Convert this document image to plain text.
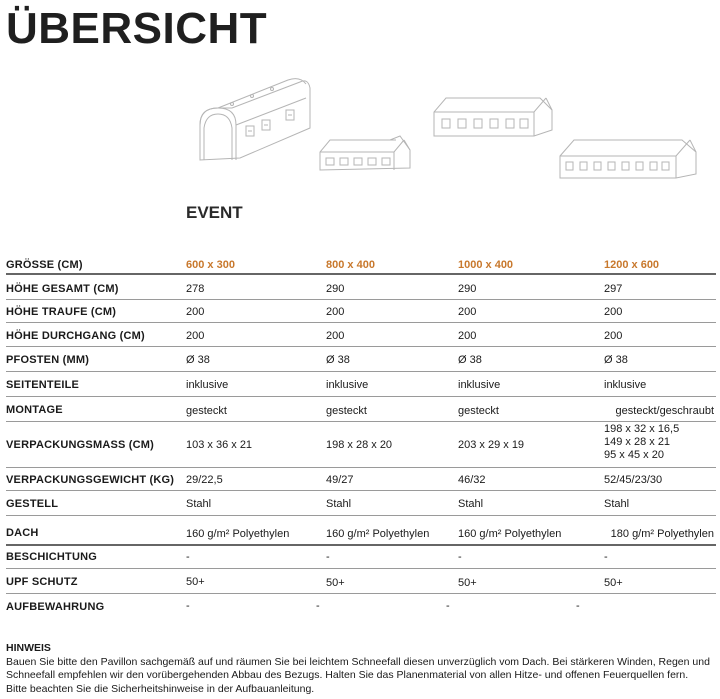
ÜBERSICHT
EVENT
GRÖSSE (CM)	600 x 300	800 x 400	1000 x 400	1200 x 600
HÖHE GESAMT (CM)	278	290	290	297
HÖHE TRAUFE (CM)	200	200	200	200
HÖHE DURCHGANG (CM)	200	200	200	200
PFOSTEN (MM)	Ø 38	Ø 38	Ø 38	Ø 38
SEITENTEILE	inklusive	inklusive	inklusive	inklusive
MONTAGE	gesteckt	gesteckt	gesteckt	gesteckt/geschraubt
VERPACKUNGSMASS (CM)	103 x 36 x 21	198 x 28 x 20	203 x 29 x 19
198 x 32 x 16,5
149 x 28 x 21
95 x 45 x 20
VERPACKUNGSGEWICHT (KG) 29/22,5	49/27	46/32	52/45/23/30
GESTELL	Stahl	Stahl	Stahl	Stahl
DACH	160 g/m² Polyethylen	160 g/m² Polyethylen	160 g/m² Polyethylen	180 g/m² Polyethylen
BESCHICHTUNG	-	-	-	-
UPF SCHUTZ	50+	50+	50+	50+
AUFBEWAHRUNG	-	-	-	-
HINWEIS
Bauen Sie bitte den Pavillon sachgemäß auf und räumen Sie bei leichtem Schneefall diesen unverzüglich vom Dach. Bei stärkeren Winden, Regen und Schneefall empfehlen wir den vorübergehenden Abbau des Bezugs. Halten Sie das Planenmaterial von allen Hitze- und offenen Feuerquellen fern. Bitte beachten Sie die Sicherheitshinweise in der Aufbauanleitung.
